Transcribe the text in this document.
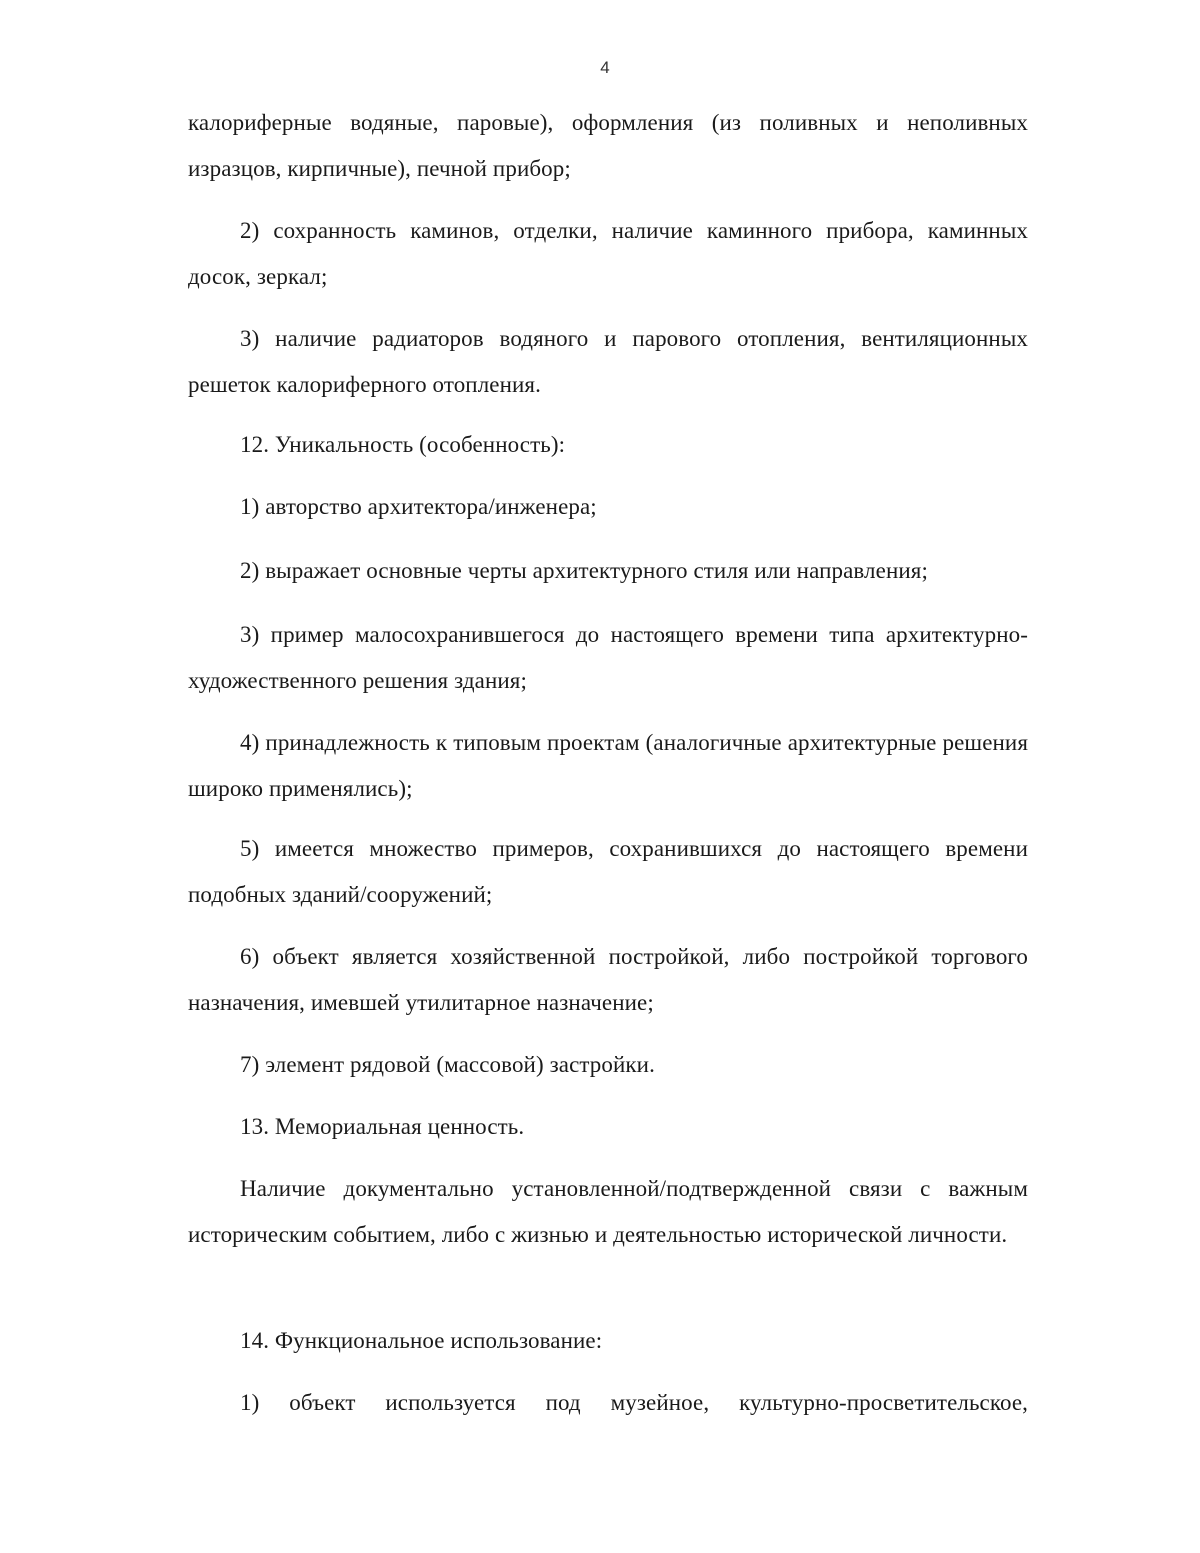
4

калориферные водяные, паровые), оформления (из поливных и неполивных изразцов, кирпичные), печной прибор;

2) сохранность каминов, отделки, наличие каминного прибора, каминных досок, зеркал;

3) наличие радиаторов водяного и парового отопления, вентиляционных решеток калориферного отопления.

12. Уникальность (особенность):

1) авторство архитектора/инженера;

2) выражает основные черты архитектурного стиля или направления;

3) пример малосохранившегося до настоящего времени типа архитектурно-художественного решения здания;

4) принадлежность к типовым проектам (аналогичные архитектурные решения широко применялись);

5) имеется множество примеров, сохранившихся до настоящего времени подобных зданий/сооружений;

6) объект является хозяйственной постройкой, либо постройкой торгового назначения, имевшей утилитарное назначение;

7) элемент рядовой (массовой) застройки.

13. Мемориальная ценность.

Наличие документально установленной/подтвержденной связи с важным историческим событием, либо с жизнью и деятельностью исторической личности.

14. Функциональное использование:

1) объект используется под музейное, культурно-просветительское,
